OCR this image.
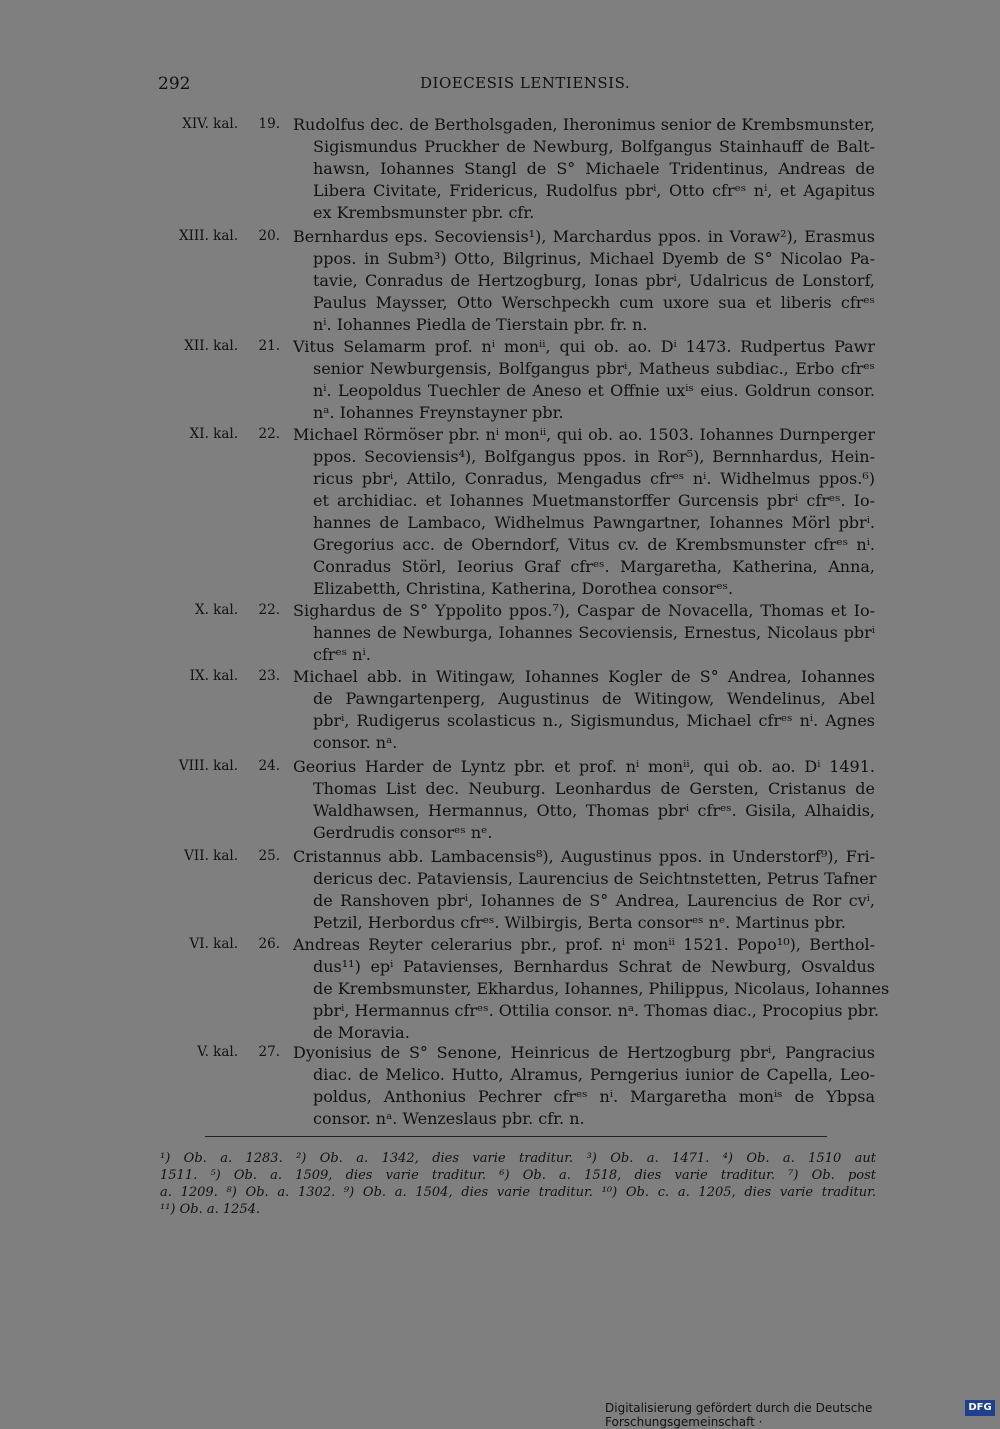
292	DIOECESIS LENTIENSIS.
XIV. kal.	19. Rudolfus dec. de Bertholsgaden, Iheronimus senior de Krembsmunster,
Sigismundus Pruckher de Newburg, Bolfgangus Stainhauff de Balt-
hawsn, Iohannes Stangl de S° Michaele Tridentinus, Andreas de
Libera Civitate, Fridericus, Rudolfus pbrⁱ, Otto cfrᵉˢ nⁱ, et Agapitus
ex Krembsmunster pbr. cfr.
XIII. kal.	20. Bernhardus eps. Secoviensis¹), Marchardus ppos. in Voraw²), Erasmus
ppos. in Subm³) Otto, Bilgrinus, Michael Dyemb de S° Nicolao Pa-
tavie, Conradus de Hertzogburg, Ionas pbrⁱ, Udalricus de Lonstorf,
Paulus Maysser, Otto Werschpeckh cum uxore sua et liberis cfrᵉˢ
nⁱ. Iohannes Piedla de Tierstain pbr. fr. n.
XII. kal.	21. Vitus Selamarm prof. nⁱ monⁱⁱ, qui ob. ao. Dⁱ 1473. Rudpertus Pawr
senior Newburgensis, Bolfgangus pbrⁱ, Matheus subdiac., Erbo cfrᵉˢ
nⁱ. Leopoldus Tuechler de Aneso et Offnie uxⁱˢ eius. Goldrun consor.
nᵃ. Iohannes Freynstayner pbr.
XI. kal.	22. Michael Rörmöser pbr. nⁱ monⁱⁱ, qui ob. ao. 1503. Iohannes Durnperger
ppos. Secoviensis⁴), Bolfgangus ppos. in Ror⁵), Bernnhardus, Hein-
ricus pbrⁱ, Attilo, Conradus, Mengadus cfrᵉˢ nⁱ. Widhelmus ppos.⁶)
et archidiac. et Iohannes Muetmanstorffer Gurcensis pbrⁱ cfrᵉˢ. Io-
hannes de Lambaco, Widhelmus Pawngartner, Iohannes Mörl pbrⁱ.
Gregorius acc. de Oberndorf, Vitus cv. de Krembsmunster cfrᵉˢ nⁱ.
Conradus Störl, Ieorius Graf cfrᵉˢ. Margaretha, Katherina, Anna,
Elizabetth, Christina, Katherina, Dorothea consorᵉˢ.
X. kal.	22. Sighardus de S° Yppolito ppos.⁷), Caspar de Novacella, Thomas et Io-
hannes de Newburga, Iohannes Secoviensis, Ernestus, Nicolaus pbrⁱ
cfrᵉˢ nⁱ.
IX. kal.	23. Michael abb. in Witingaw, Iohannes Kogler de S° Andrea, Iohannes
de Pawngartenperg, Augustinus de Witingow, Wendelinus, Abel
pbrⁱ, Rudigerus scolasticus n., Sigismundus, Michael cfrᵉˢ nⁱ. Agnes
consor. nᵃ.
VIII. kal.	24. Georius Harder de Lyntz pbr. et prof. nⁱ monⁱⁱ, qui ob. ao. Dⁱ 1491.
Thomas List dec. Neuburg. Leonhardus de Gersten, Cristanus de
Waldhawsen, Hermannus, Otto, Thomas pbrⁱ cfrᵉˢ. Gisila, Alhaidis,
Gerdrudis consorᵉˢ nᵉ.
VII. kal.	25. Cristannus abb. Lambacensis⁸), Augustinus ppos. in Understorf⁹), Fri-
dericus dec. Pataviensis, Laurencius de Seichtnstetten, Petrus Tafner
de Ranshoven pbrⁱ, Iohannes de S° Andrea, Laurencius de Ror cvⁱ,
Petzil, Herbordus cfrᵉˢ. Wilbirgis, Berta consorᵉˢ nᵉ. Martinus pbr.
VI. kal.	26. Andreas Reyter celerarius pbr., prof. nⁱ monⁱⁱ 1521. Popo¹⁰), Berthol-
dus¹¹) epⁱ Patavienses, Bernhardus Schrat de Newburg, Osvaldus
de Krembsmunster, Ekhardus, Iohannes, Philippus, Nicolaus, Iohannes
pbrⁱ, Hermannus cfrᵉˢ. Ottilia consor. nᵃ. Thomas diac., Procopius pbr.
de Moravia.
V. kal.	27. Dyonisius de S° Senone, Heinricus de Hertzogburg pbrⁱ, Pangracius
diac. de Melico. Hutto, Alramus, Perngerius iunior de Capella, Leo-
poldus, Anthonius Pechrer cfrᵉˢ nⁱ. Margaretha monⁱˢ de Ybpsa
consor. nᵃ. Wenzeslaus pbr. cfr. n.
¹) Ob. a. 1283. ²) Ob. a. 1342, dies varie traditur. ³) Ob. a. 1471. ⁴) Ob. a. 1510 aut
1511. ⁵) Ob. a. 1509, dies varie traditur. ⁶) Ob. a. 1518, dies varie traditur. ⁷) Ob. post
a. 1209. ⁸) Ob. a. 1302. ⁹) Ob. a. 1504, dies varie traditur. ¹⁰) Ob. c. a. 1205, dies varie traditur.
¹¹) Ob. a. 1254.
Digitalisierung gefördert durch die Deutsche Forschungsgemeinschaft ·
DFG
